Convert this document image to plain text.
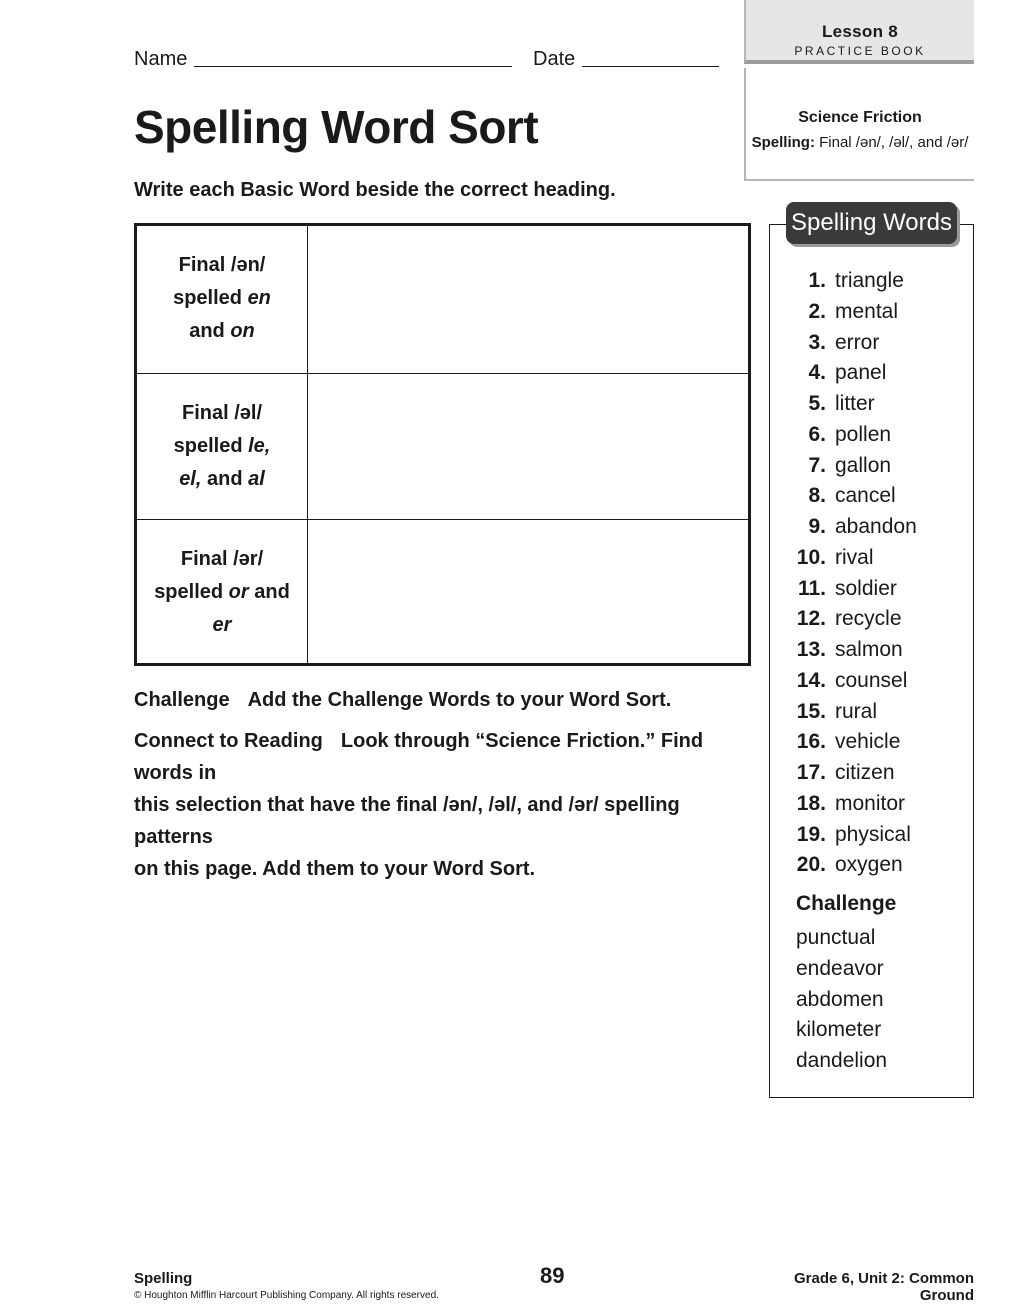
Name	Date
Lesson 8
PRACTICE BOOK
Science Friction
Spelling: Final /ən/, /əl/, and /ər/
Spelling Word Sort
Write each Basic Word beside the correct heading.
Final /ən/
spelled en
and on
Final /əl/
spelled le,
el, and al
Final /ər/
spelled or and
er
Challenge Add the Challenge Words to your Word Sort.
Connect to Reading Look through “Science Friction.” Find words in
this selection that have the final /ən/, /əl/, and /ər/ spelling patterns
on this page. Add them to your Word Sort.
Spelling Words
1. triangle
2. mental
3. error
4. panel
5. litter
6. pollen
7. gallon
8. cancel
9. abandon
10. rival
11. soldier
12. recycle
13. salmon
14. counsel
15. rural
16. vehicle
17. citizen
18. monitor
19. physical
20. oxygen
Challenge
punctual
endeavor
abdomen
kilometer
dandelion
Spelling
© Houghton Mifflin Harcourt Publishing Company. All rights reserved.
89	Grade 6, Unit 2: Common Ground
